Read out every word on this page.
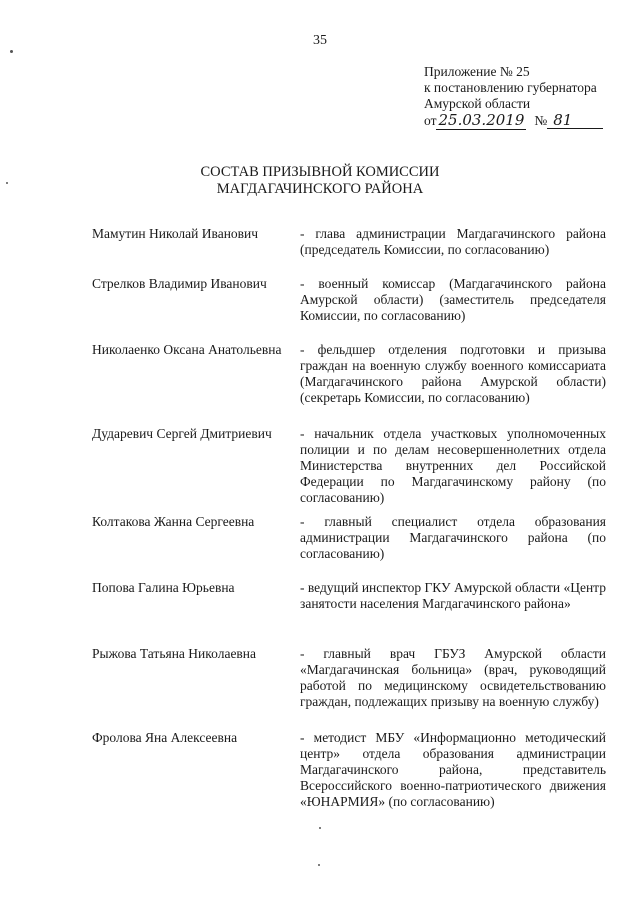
35
Приложение № 25
к постановлению губернатора
Амурской области
от 25.03.2019 № 81
СОСТАВ ПРИЗЫВНОЙ КОМИССИИ
МАГДАГАЧИНСКОГО РАЙОНА
Мамутин Николай Иванович	- глава администрации Магдагачинского района (председатель Комиссии, по согласованию)
Стрелков Владимир Иванович - военный комиссар (Магдагачинского района Амурской области) (заместитель председателя Комиссии, по согласованию)
Николаенко Оксана Анатольевна - фельдшер отделения подготовки и призыва граждан на военную службу военного комиссариата (Магдагачинского района Амурской области) (секретарь Комиссии, по согласованию)
Дударевич Сергей Дмитриевич - начальник отдела участковых уполномоченных полиции и по делам несовершеннолетних отдела Министерства внутренних дел Российской Федерации по Магдагачинскому району (по согласованию)
Колтакова Жанна Сергеевна	- главный специалист отдела образования администрации Магдагачинского района (по согласованию)
Попова Галина Юрьевна	- ведущий инспектор ГКУ Амурской области «Центр занятости населения Магдагачинского района»
Рыжова Татьяна Николаевна	- главный врач ГБУЗ Амурской области «Магдагачинская больница» (врач, руководящий работой по медицинскому освидетельствованию граждан, подлежащих призыву на военную службу)
Фролова Яна Алексеевна	- методист МБУ «Информационно методический центр» отдела образования администрации Магдагачинского района, представитель Всероссийского военно-патриотического движения «ЮНАРМИЯ» (по согласованию)
